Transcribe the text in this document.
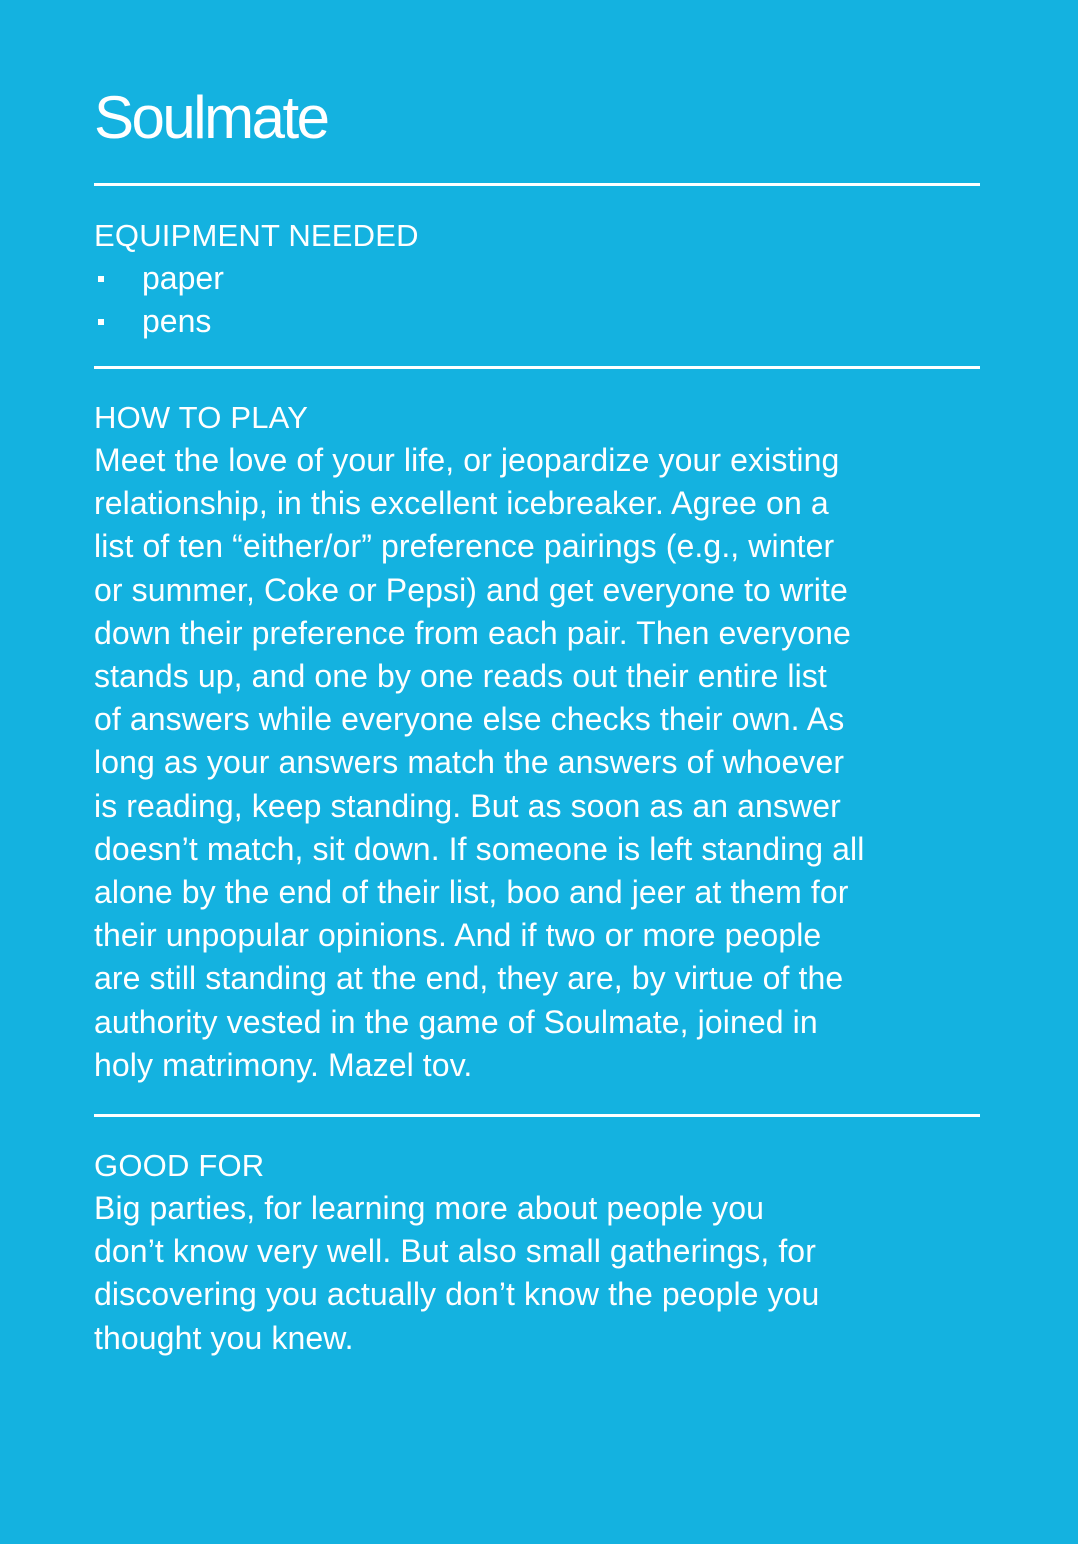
Soulmate
EQUIPMENT NEEDED
paper
pens
HOW TO PLAY

Meet the love of your life, or jeopardize your existing
relationship, in this excellent icebreaker. Agree on a
list of ten “either/or” preference pairings (e.g., winter
or summer, Coke or Pepsi) and get everyone to write
down their preference from each pair. Then everyone
stands up, and one by one reads out their entire list
of answers while everyone else checks their own. As
long as your answers match the answers of whoever
is reading, keep standing. But as soon as an answer
doesn’t match, sit down. If someone is left standing all
alone by the end of their list, boo and jeer at them for
their unpopular opinions. And if two or more people
are still standing at the end, they are, by virtue of the
authority vested in the game of Soulmate, joined in
holy matrimony. Mazel tov.

GOOD FOR

Big parties, for learning more about people you
don’t know very well. But also small gatherings, for
discovering you actually don’t know the people you
thought you knew.
